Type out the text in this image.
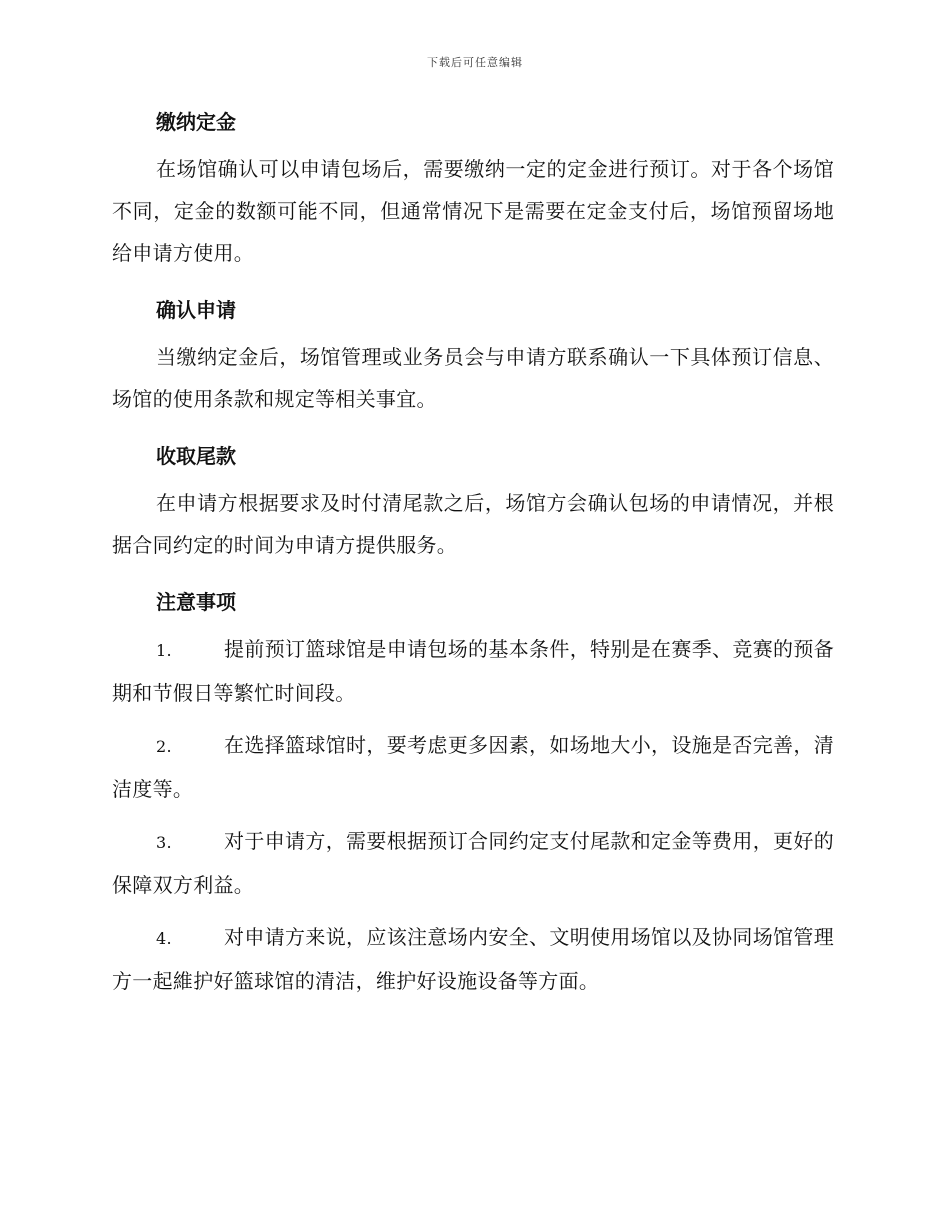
下载后可任意编辑
缴纳定金

在场馆确认可以申请包场后，需要缴纳一定的定金进行预订。对于各个场馆不同，定金的数额可能不同，但通常情况下是需要在定金支付后，场馆预留场地给申请方使用。

确认申请

当缴纳定金后，场馆管理或业务员会与申请方联系确认一下具体预订信息、场馆的使用条款和规定等相关事宜。

收取尾款

在申请方根据要求及时付清尾款之后，场馆方会确认包场的申请情况，并根据合同约定的时间为申请方提供服务。

注意事项

1.	提前预订篮球馆是申请包场的基本条件，特别是在赛季、竞赛的预备期和节假日等繁忙时间段。

2.	在选择篮球馆时，要考虑更多因素，如场地大小，设施是否完善，清洁度等。

3.	对于申请方，需要根据预订合同约定支付尾款和定金等费用，更好的保障双方利益。

4.	对申请方来说，应该注意场内安全、文明使用场馆以及协同场馆管理方一起維护好篮球馆的清洁，维护好设施设备等方面。
